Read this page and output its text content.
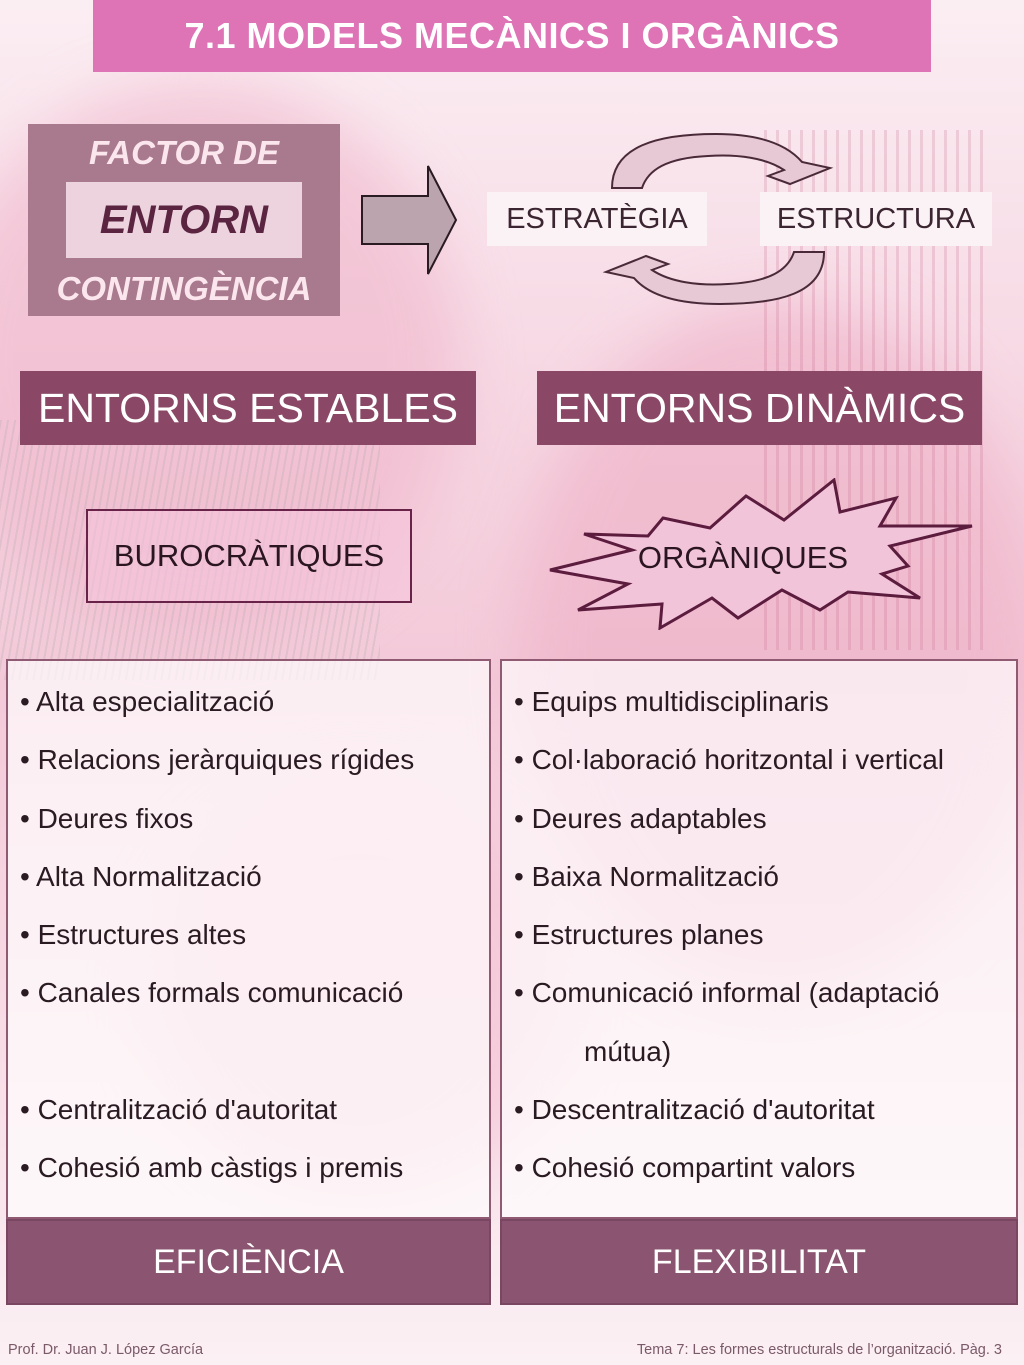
7.1 MODELS MECÀNICS I ORGÀNICS
FACTOR DE
ENTORN
CONTINGÈNCIA
ESTRATÈGIA	ESTRUCTURA
ENTORNS ESTABLES	ENTORNS DINÀMICS
BUROCRÀTIQUES	ORGÀNIQUES
• Alta especialització
• Relacions jeràrquiques rígides
• Deures fixos
• Alta Normalització
• Estructures altes
• Canales formals comunicació

• Centralització d'autoritat
• Cohesió amb càstigs i premis
• Equips multidisciplinaris
• Col·laboració horitzontal i vertical
• Deures adaptables
• Baixa Normalització
• Estructures planes
• Comunicació informal (adaptació
mútua)
• Descentralització d'autoritat
• Cohesió compartint valors
EFICIÈNCIA	FLEXIBILITAT
Prof. Dr. Juan J. López García	Tema 7: Les formes estructurals de l’organització. Pàg. 3
